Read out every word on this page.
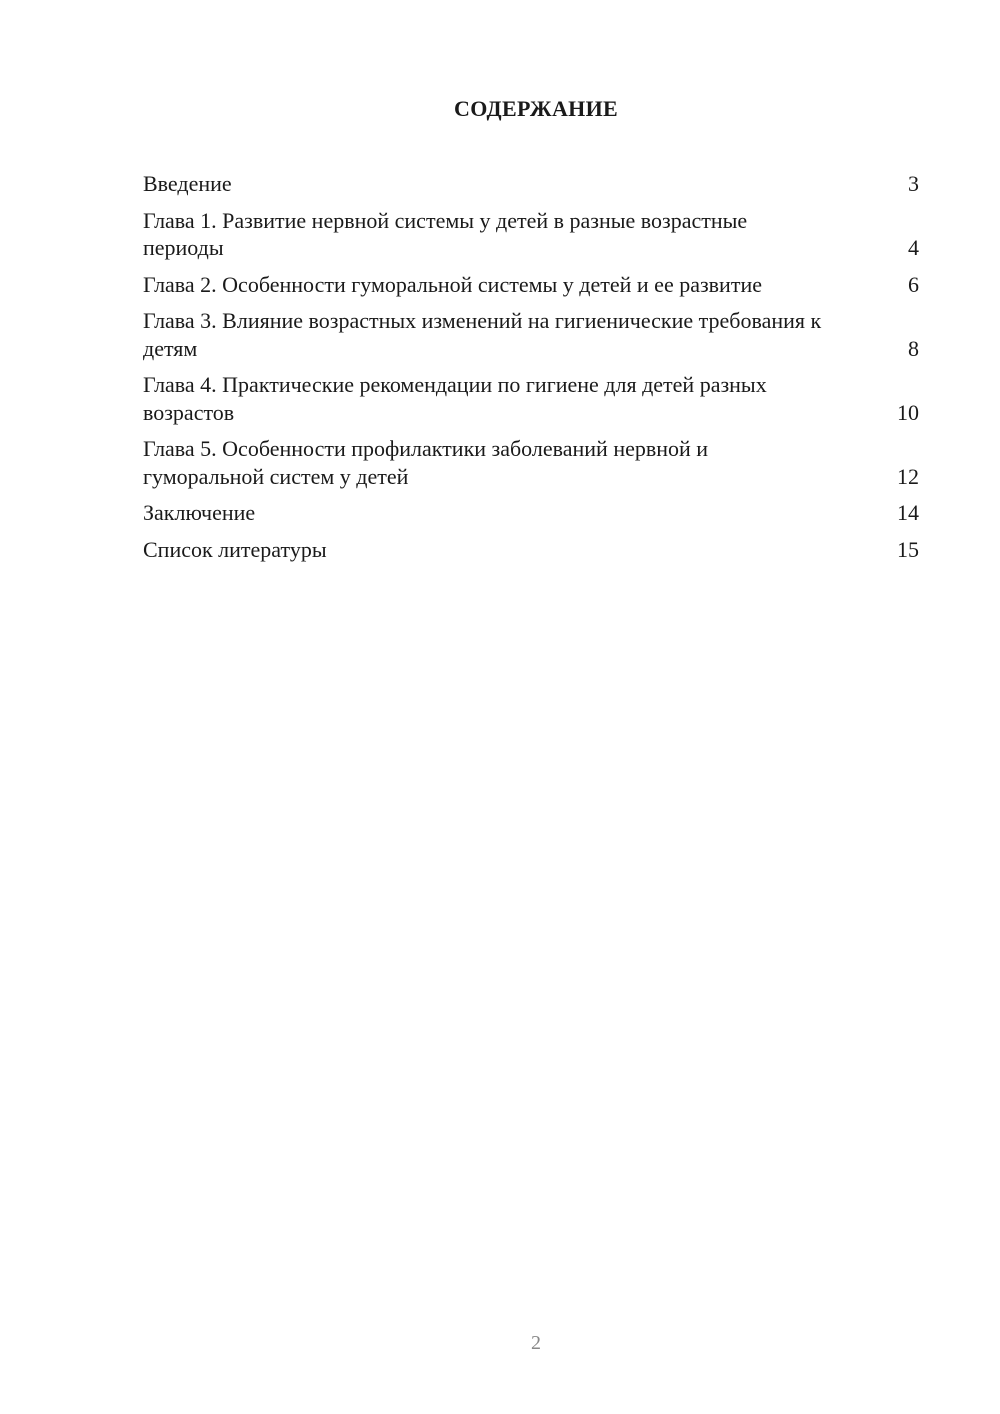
СОДЕРЖАНИЕ
Введение	3
Глава 1. Развитие нервной системы у детей в разные возрастные периоды	4
Глава 2. Особенности гуморальной системы у детей и ее развитие	6
Глава 3. Влияние возрастных изменений на гигиенические требования к детям	8
Глава 4. Практические рекомендации по гигиене для детей разных возрастов	10
Глава 5. Особенности профилактики заболеваний нервной и гуморальной систем у детей	12
Заключение	14
Список литературы	15
2
